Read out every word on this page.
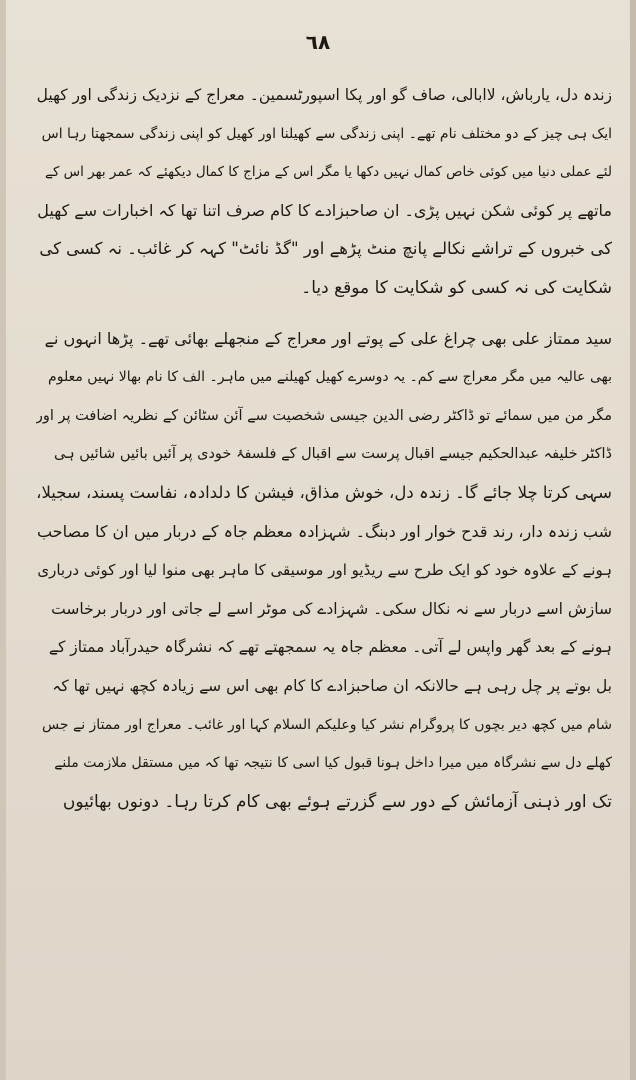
٦٨
زندہ دل، یارباش، لاابالی، صاف گو اور پکا اسپورٹسمین۔ معراج کے نزدیک زندگی اور کھیل
ایک ہی چیز کے دو مختلف نام تھے۔ اپنی زندگی سے کھیلنا اور کھیل کو اپنی زندگی سمجھتا رہا اس
لئے عملی دنیا میں کوئی خاص کمال نہیں دکھا یا مگر اس کے مزاج کا کمال دیکھئے کہ عمر بھر اس کے
ماتھے پر کوئی شکن نہیں پڑی۔ ان صاحبزادے کا کام صرف اتنا تھا کہ اخبارات سے کھیل
کی خبروں کے تراشے نکالے پانچ منٹ پڑھے اور "گڈ نائٹ" کہہ کر غائب۔ نہ کسی کی
شکایت کی نہ کسی کو شکایت کا موقع دیا۔
سید ممتاز علی بھی چراغ علی کے پوتے اور معراج کے منجھلے بھائی تھے۔ پڑھا انہوں نے
بھی عالیہ میں مگر معراج سے کم۔ یہ دوسرے کھیل کھیلنے میں ماہر۔ الف کا نام بھالا نہیں معلوم
مگر من میں سمائے تو ڈاکٹر رضی الدین جیسی شخصیت سے آئن سٹائن کے نظریہ اضافت پر اور
ڈاکٹر خلیفہ عبدالحکیم جیسے اقبال پرست سے اقبال کے فلسفۂ خودی پر آئیں بائیں شائیں ہی
سہی کرتا چلا جائے گا۔ زندہ دل، خوش مذاق، فیشن کا دلدادہ، نفاست پسند، سجیلا،
شب زندہ دار، رند قدح خوار اور دبنگ۔ شہزادہ معظم جاہ کے دربار میں ان کا مصاحب
ہونے کے علاوہ خود کو ایک طرح سے ریڈیو اور موسیقی کا ماہر بھی منوا لیا اور کوئی درباری
سازش اسے دربار سے نہ نکال سکی۔ شہزادے کی موٹر اسے لے جاتی اور دربار برخاست
ہونے کے بعد گھر واپس لے آتی۔ معظم جاہ یہ سمجھتے تھے کہ نشرگاہ حیدرآباد ممتاز کے
بل بوتے پر چل رہی ہے حالانکہ ان صاحبزادے کا کام بھی اس سے زیادہ کچھ نہیں تھا کہ
شام میں کچھ دیر بچوں کا پروگرام نشر کیا وعلیکم السلام کہا اور غائب۔ معراج اور ممتاز نے جس
کھلے دل سے نشرگاہ میں میرا داخل ہونا قبول کیا اسی کا نتیجہ تھا کہ میں مستقل ملازمت ملنے
تک اور ذہنی آزمائش کے دور سے گزرتے ہوئے بھی کام کرتا رہا۔ دونوں بھائیوں
